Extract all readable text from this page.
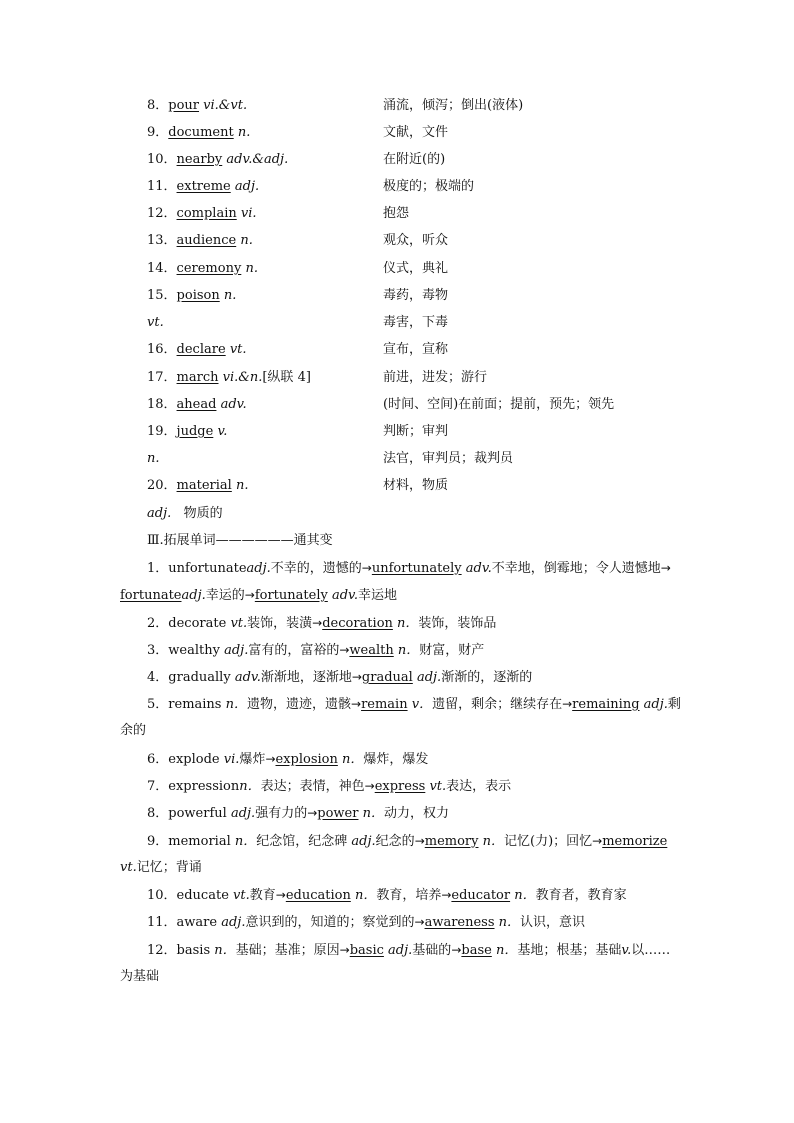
8．pour vi.&vt.	涌流，倾泻；倒出(液体)
9．document n.	文献，文件
10．nearby adv.&adj.	在附近(的)
11．extreme adj.	极度的；极端的
12．complain vi.	抱怨
13．audience n.	观众，听众
14．ceremony n.	仪式，典礼
15．poison n.	毒药，毒物
vt.	毒害，下毒
16．declare vt.	宣布，宣称
17．march vi.&n.[纵联 4]	前进，进发；游行
18．ahead adv.	(时间、空间)在前面；提前，预先；领先
19．judge v.	判断；审判
n.	法官，审判员；裁判员
20．material n.	材料，物质
adj. 物质的
Ⅲ.拓展单词——————通其变
1．unfortunateadj.不幸的，遗憾的→unfortunately adv.不幸地，倒霉地；令人遗憾地→
fortunateadj.幸运的→fortunately adv.幸运地
2．decorate vt.装饰，装潢→decoration n．装饰，装饰品
3．wealthy adj.富有的，富裕的→wealth n．财富，财产
4．gradually adv.渐渐地，逐渐地→gradual adj.渐渐的，逐渐的
5．remains n．遗物，遗迹，遗骸→remain v．遗留，剩余；继续存在→remaining adj.剩
余的
6．explode vi.爆炸→explosion n．爆炸，爆发
7．expressionn．表达；表情，神色→express vt.表达，表示
8．powerful adj.强有力的→power n．动力，权力
9．memorial n．纪念馆，纪念碑 adj.纪念的→memory n．记忆(力)；回忆→memorize
vt.记忆；背诵
10．educate vt.教育→education n．教育，培养→educator n．教育者，教育家
11．aware adj.意识到的，知道的；察觉到的→awareness n．认识，意识
12．basis n．基础；基准；原因→basic adj.基础的→base n．基地；根基；基础v.以……
为基础
